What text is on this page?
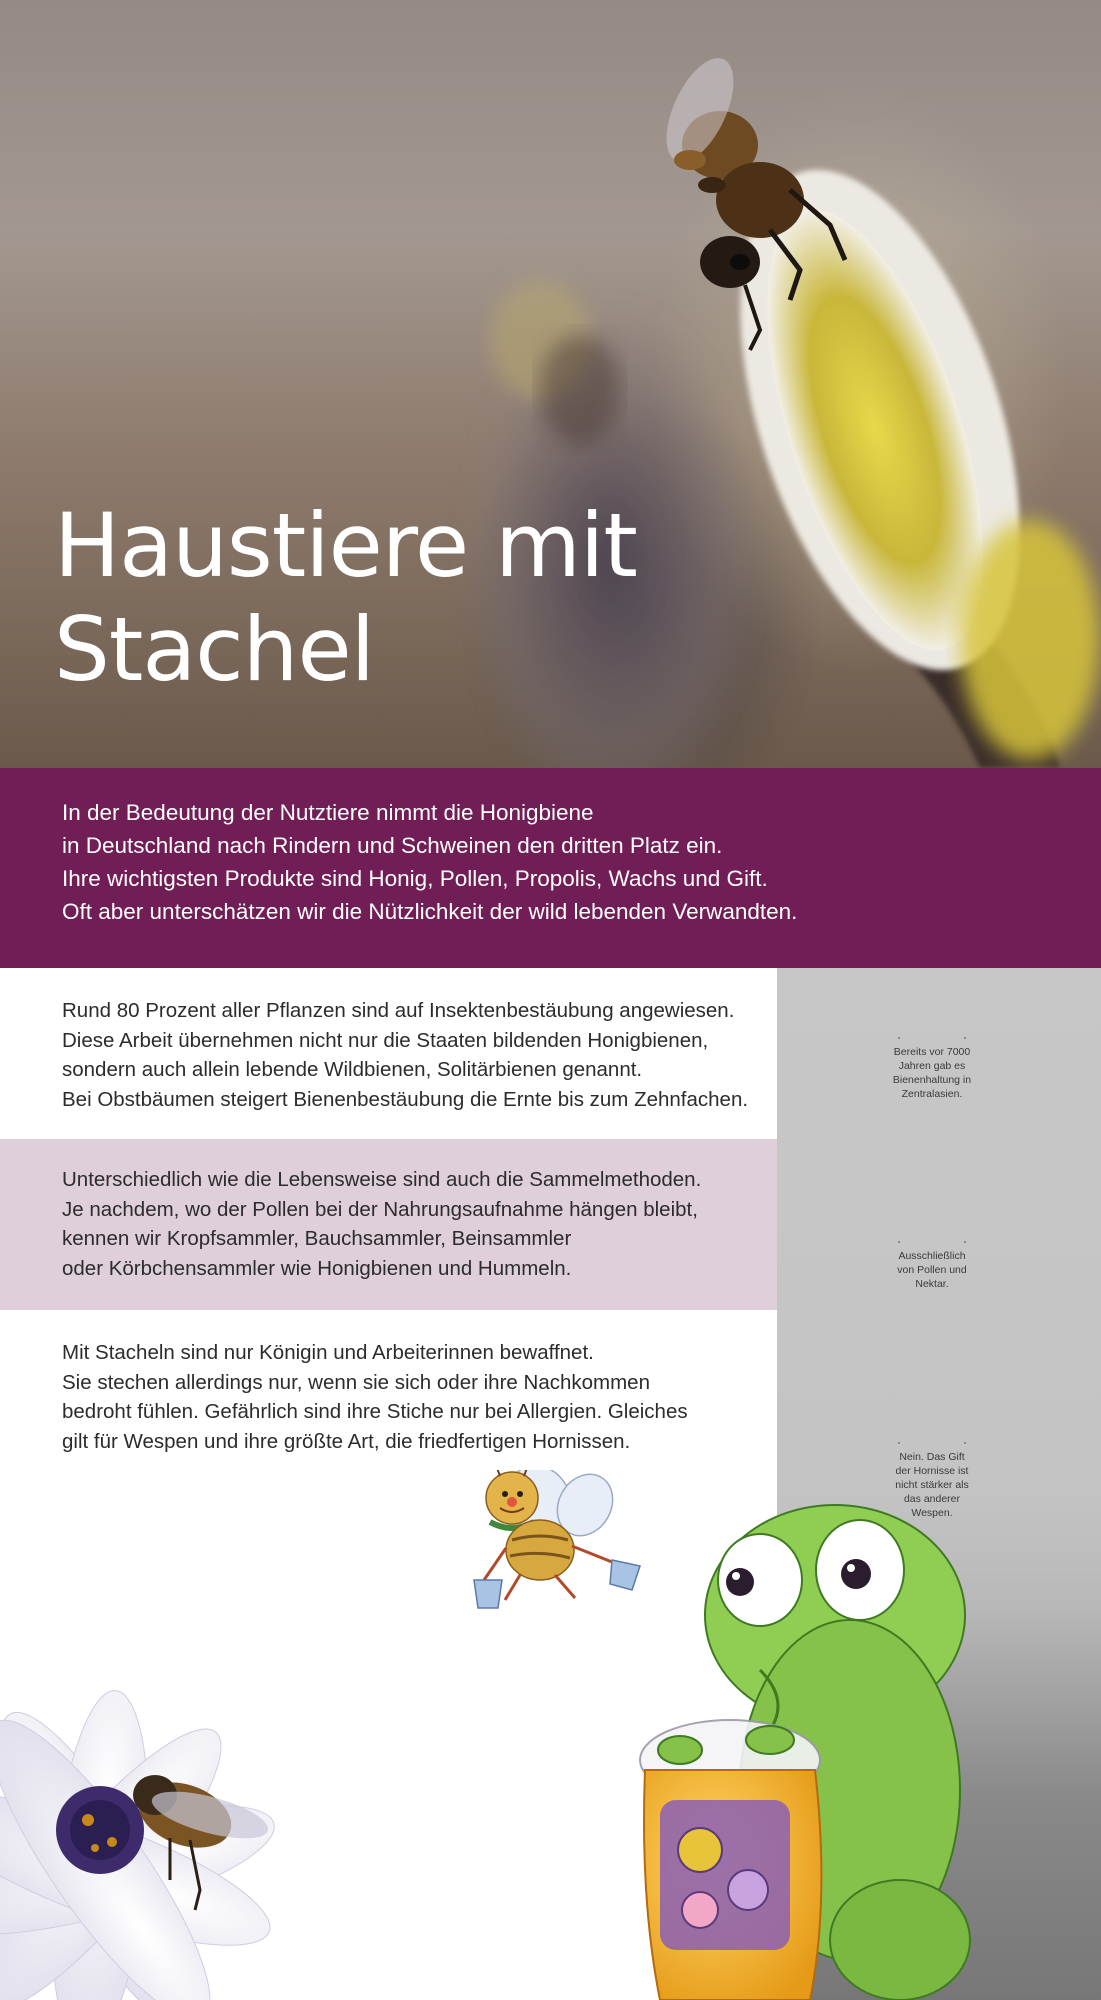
Haustiere mit
Stachel

In der Bedeutung der Nutztiere nimmt die Honigbiene

in Deutschland nach Rindern und Schweinen den dritten Platz ein.

Ihre wichtigsten Produkte sind Honig, Pollen, Propolis, Wachs und Gift.

Oft aber unterschätzen wir die Nützlichkeit der wild lebenden Verwandten.

Rund 80 Prozent aller Pflanzen sind auf Insektenbestäubung angewiesen.

Diese Arbeit übernehmen nicht nur die Staaten bildenden Honigbienen,

sondern auch allein lebende Wildbienen, Solitärbienen genannt.

Bei Obstbäumen steigert Bienenbestäubung die Ernte bis zum Zehnfachen.

Unterschiedlich wie die Lebensweise sind auch die Sammelmethoden.

Je nachdem, wo der Pollen bei der Nahrungsaufnahme hängen bleibt,

kennen wir Kropfsammler, Bauchsammler, Beinsammler

oder Körbchensammler wie Honigbienen und Hummeln.

Mit Stacheln sind nur Königin und Arbeiterinnen bewaffnet.

Sie stechen allerdings nur, wenn sie sich oder ihre Nachkommen

bedroht fühlen. Gefährlich sind ihre Stiche nur bei Allergien. Gleiches

gilt für Wespen und ihre größte Art, die friedfertigen Hornissen.

Bereits vor 7000
Jahren gab es
Bienenhaltung in
Zentralasien.
Ausschließlich
von Pollen und
Nektar.
Nein. Das Gift
der Hornisse ist
nicht stärker als
das anderer
Wespen.
